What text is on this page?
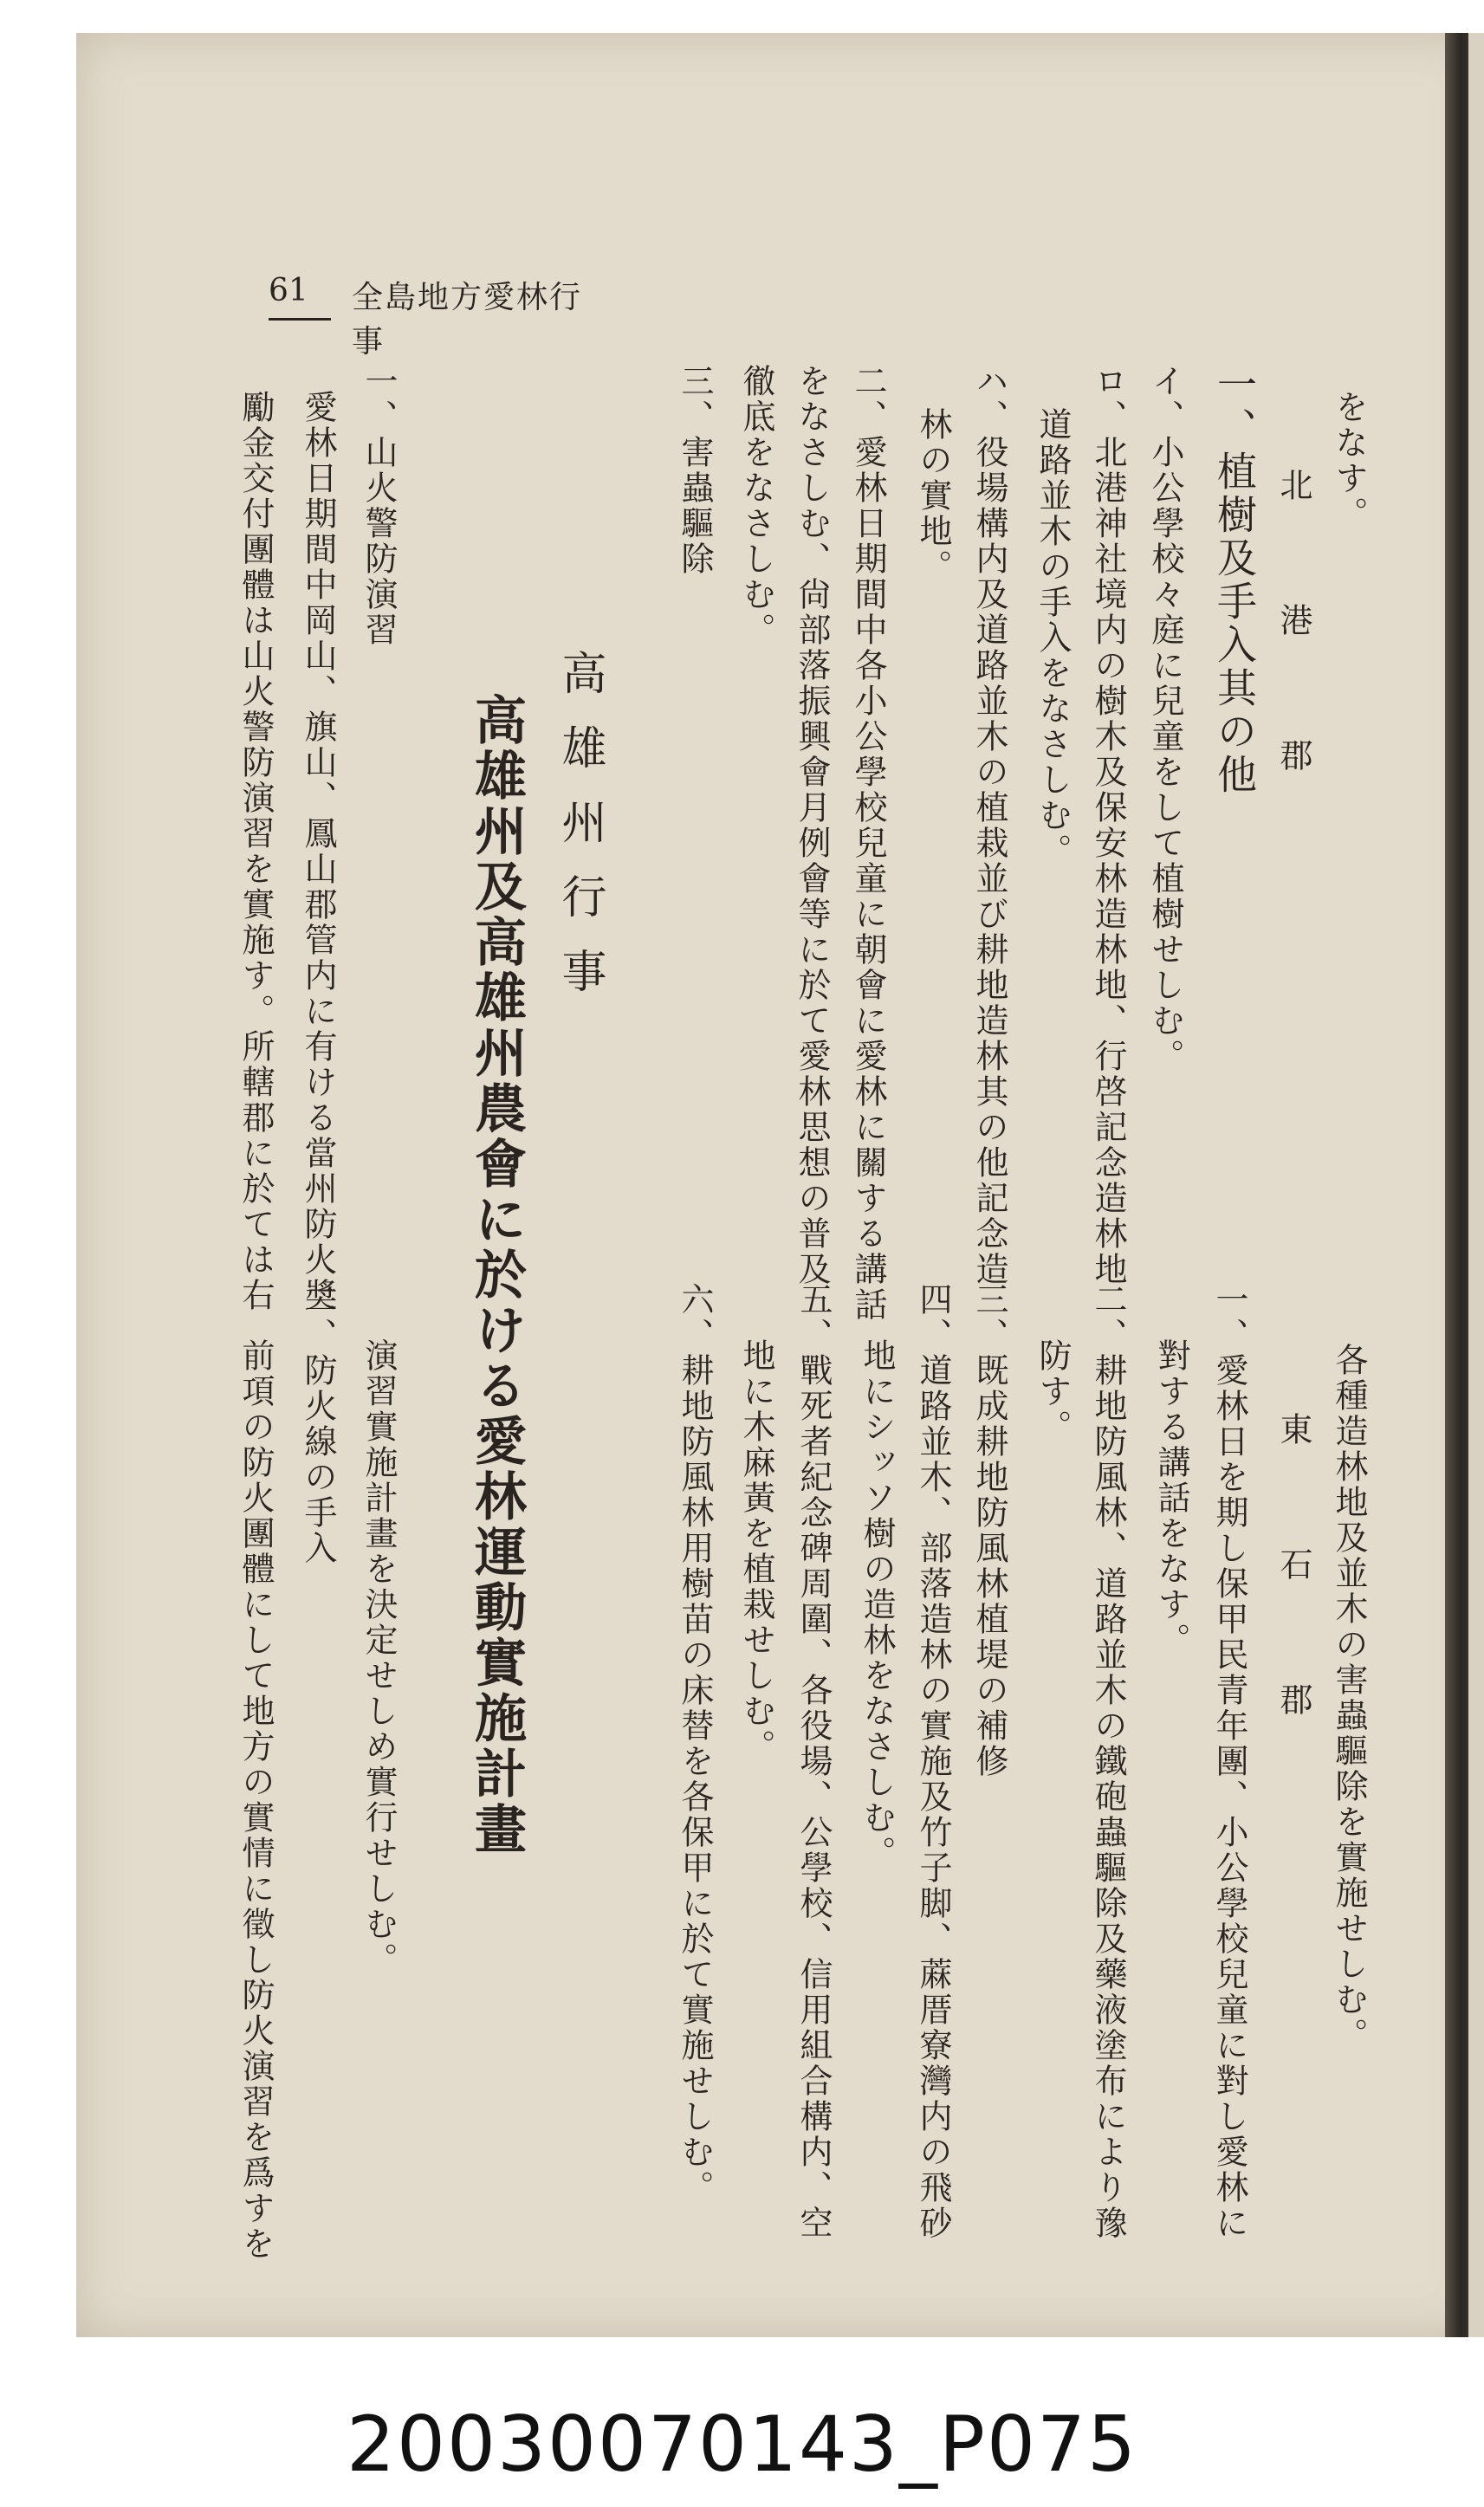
61 全島地方愛林行事
をなす。
北　港　郡
一、植樹及手入其の他
イ、小公學校々庭に兒童をして植樹せしむ。
ロ、北港神社境内の樹木及保安林造林地、行啓記念造林地
道路並木の手入をなさしむ。
ハ、役場構内及道路並木の植栽並び耕地造林其の他記念造
林の實地。
二、愛林日期間中各小公學校兒童に朝會に愛林に關する講話
をなさしむ、尙部落振興會月例會等に於て愛林思想の普及
徹底をなさしむ。
三、害蟲驅除
各種造林地及並木の害蟲驅除を實施せしむ。
東　石　郡
一、愛林日を期し保甲民青年團、小公學校兒童に對し愛林に
對する講話をなす。
二、耕地防風林、道路並木の鐵砲蟲驅除及藥液塗布により豫
防す。
三、既成耕地防風林植堤の補修
四、道路並木、部落造林の實施及竹子脚、蔴厝寮灣内の飛砂
地にシッソ樹の造林をなさしむ。
五、戰死者紀念碑周圍、各役場、公學校、信用組合構内、空
地に木麻黃を植栽せしむ。
六、耕地防風林用樹苗の床替を各保甲に於て實施せしむ。
高雄州行事
高雄州及高雄州農會に於ける愛林運動實施計畫
一、山火警防演習
愛林日期間中岡山、旗山、鳳山郡管内に有ける當州防火奬
勵金交付團體は山火警防演習を實施す。所轄郡に於ては右
演習實施計畫を決定せしめ實行せしむ。
二、防火線の手入
前項の防火團體にして地方の實情に徵し防火演習を爲すを
20030070143_P075
